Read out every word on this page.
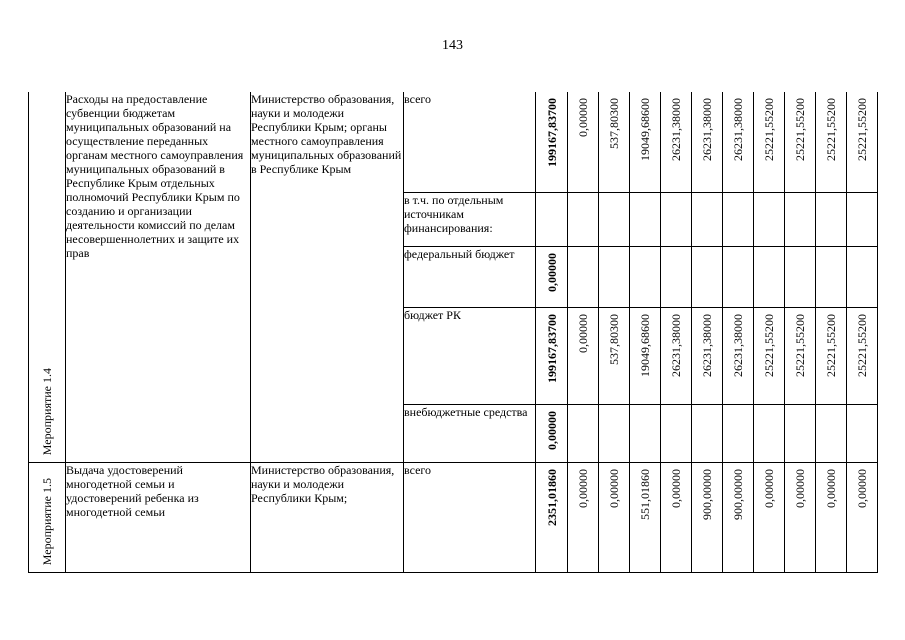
143
Мероприятие 1.4	Расходы на предоставление субвенции бюджетам муниципальных образований на осуществление переданных органам местного самоуправления муниципальных образований в Республике Крым отдельных полномочий Республики Крым по созданию и организации деятельности комиссий по делам несовершеннолетних и защите их прав	Министерство образования, науки и молодежи Республики Крым; органы местного самоуправления муниципальных образований в Республике Крым	всего	199167,83700	0,00000	537,80300	19049,68600	26231,38000	26231,38000	26231,38000	25221,55200	25221,55200	25221,55200	25221,55200

			в т.ч. по отдельным источникам финансирования:	

			федеральный бюджет	0,00000										

			бюджет РК	199167,83700	0,00000	537,80300	19049,68600	26231,38000	26231,38000	26231,38000	25221,55200	25221,55200	25221,55200	25221,55200

			внебюджетные средства	0,00000										

Мероприятие 1.5	Выдача удостоверений многодетной семьи и удостоверений ребенка из многодетной семьи	Министерство образования, науки и молодежи Республики Крым;	всего	2351,01860	0,00000	0,00000	551,01860	0,00000	900,00000	900,00000	0,00000	0,00000	0,00000	0,00000
